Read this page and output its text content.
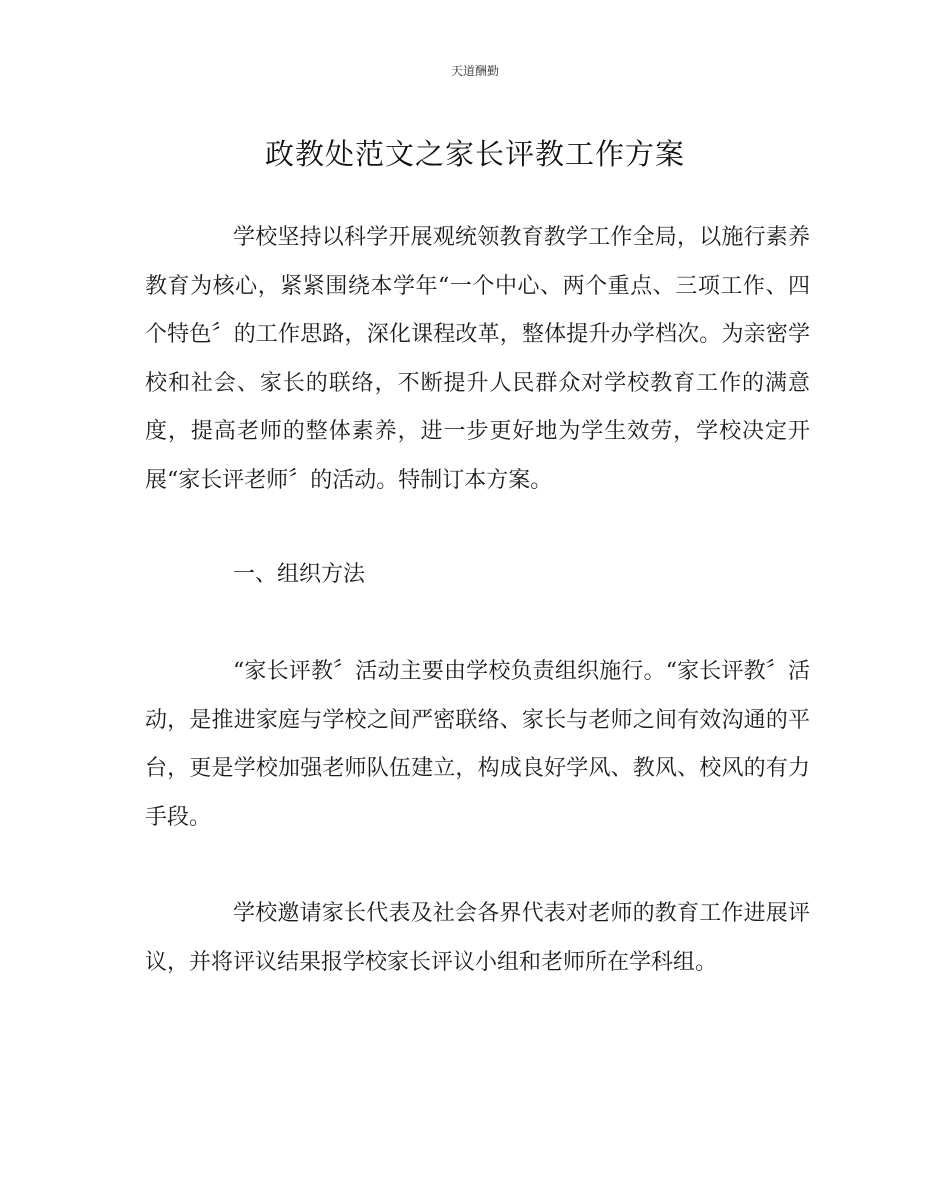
天道酬勤
政教处范文之家长评教工作方案

学校坚持以科学开展观统领教育教学工作全局，以施行素养教育为核心，紧紧围绕本学年“一个中心、两个重点、三项工作、四个特色〞的工作思路，深化课程改革，整体提升办学档次。为亲密学校和社会、家长的联络，不断提升人民群众对学校教育工作的满意度，提高老师的整体素养，进一步更好地为学生效劳，学校决定开展“家长评老师〞的活动。特制订本方案。

一、组织方法

“家长评教〞活动主要由学校负责组织施行。“家长评教〞活动，是推进家庭与学校之间严密联络、家长与老师之间有效沟通的平台，更是学校加强老师队伍建立，构成良好学风、教风、校风的有力手段。

学校邀请家长代表及社会各界代表对老师的教育工作进展评议，并将评议结果报学校家长评议小组和老师所在学科组。
